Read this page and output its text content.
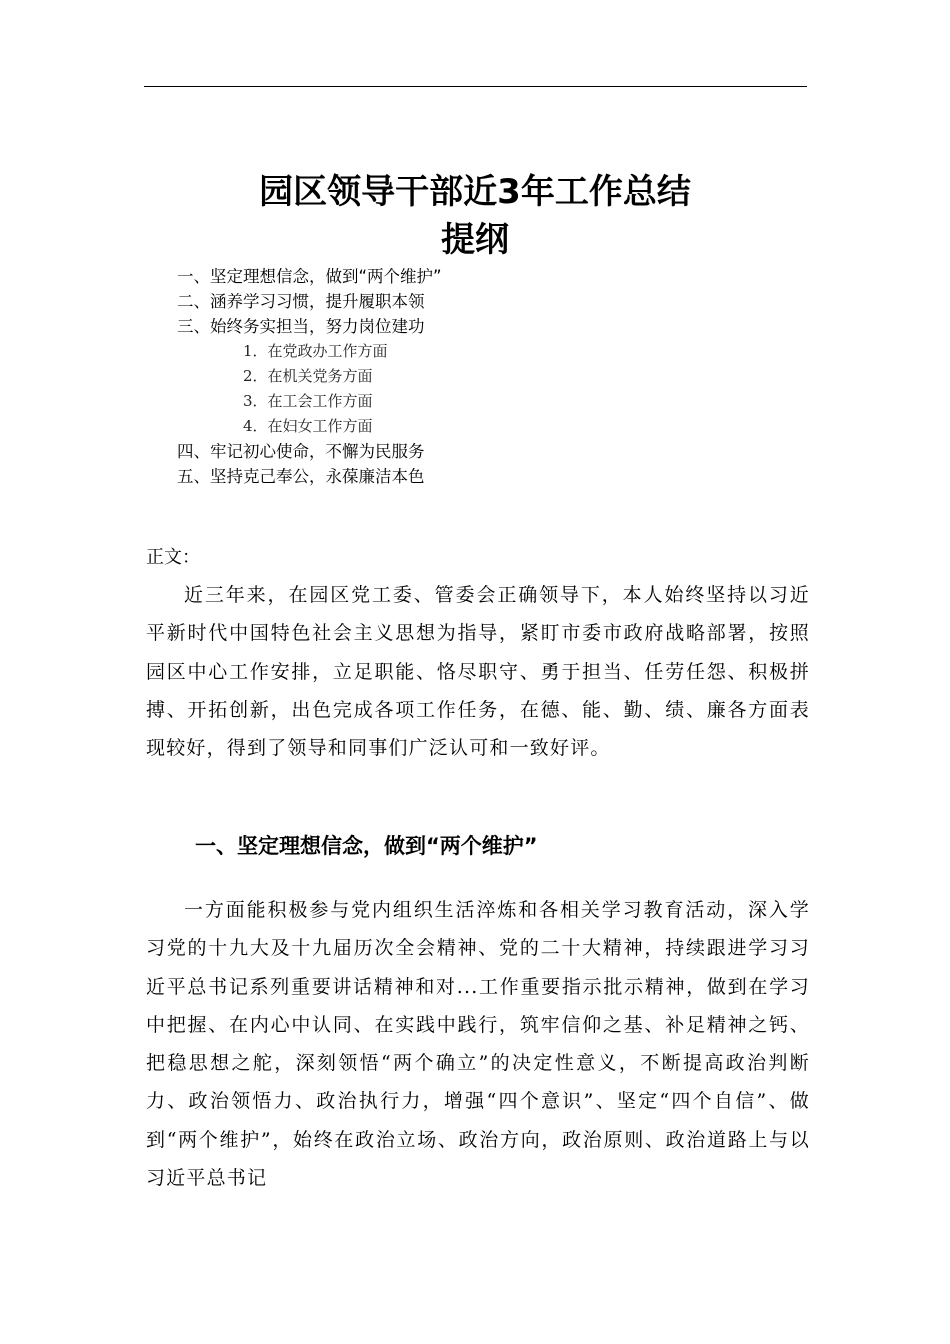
园区领导干部近3年工作总结
提纲
一、坚定理想信念，做到“两个维护”
二、涵养学习习惯，提升履职本领
三、始终务实担当，努力岗位建功
1．在党政办工作方面
2．在机关党务方面
3．在工会工作方面
4．在妇女工作方面
四、牢记初心使命，不懈为民服务
五、坚持克己奉公，永葆廉洁本色
正文：
近三年来，在园区党工委、管委会正确领导下，本人始终坚持以习近平新时代中国特色社会主义思想为指导，紧盯市委市政府战略部署，按照园区中心工作安排，立足职能、恪尽职守、勇于担当、任劳任怨、积极拼搏、开拓创新，出色完成各项工作任务，在德、能、勤、绩、廉各方面表现较好，得到了领导和同事们广泛认可和一致好评。
一、坚定理想信念，做到“两个维护”
一方面能积极参与党内组织生活淬炼和各相关学习教育活动，深入学习党的十九大及十九届历次全会精神、党的二十大精神，持续跟进学习习近平总书记系列重要讲话精神和对...工作重要指示批示精神，做到在学习中把握、在内心中认同、在实践中践行，筑牢信仰之基、补足精神之钙、把稳思想之舵，深刻领悟“两个确立”的决定性意义，不断提高政治判断力、政治领悟力、政治执行力，增强“四个意识”、坚定“四个自信”、做到“两个维护”，始终在政治立场、政治方向，政治原则、政治道路上与以习近平总书记
